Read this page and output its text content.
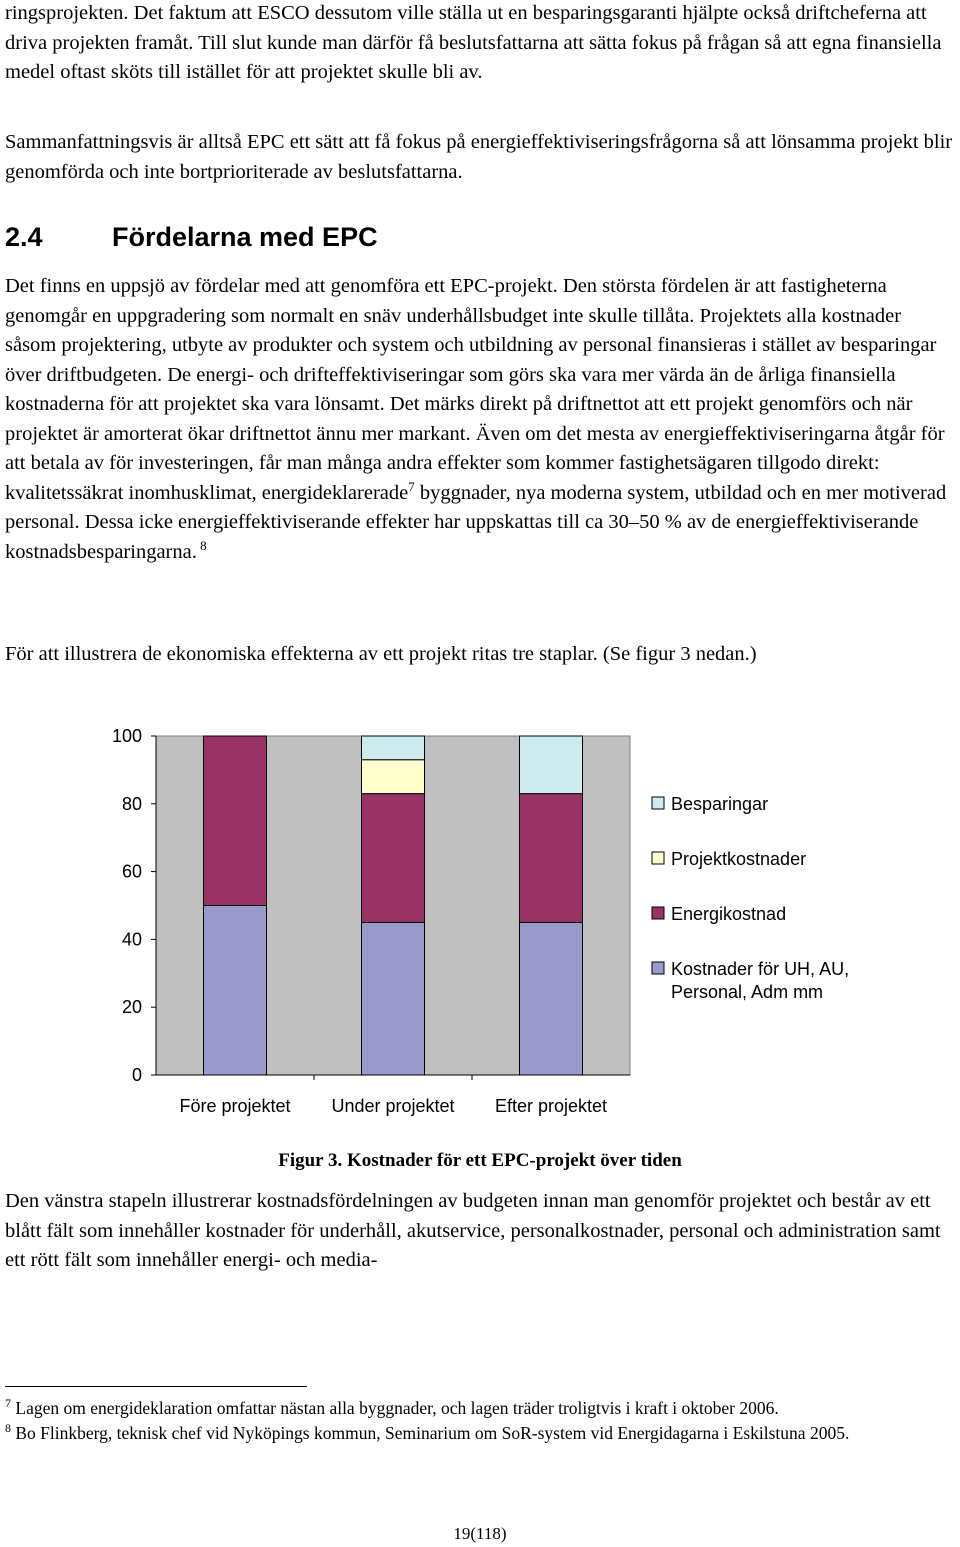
ringsprojekten. Det faktum att ESCO dessutom ville ställa ut en besparingsgaranti hjälpte också driftcheferna att driva projekten framåt. Till slut kunde man därför få beslutsfattarna att sätta fokus på frågan så att egna finansiella medel oftast sköts till istället för att projektet skulle bli av.
Sammanfattningsvis är alltså EPC ett sätt att få fokus på energieffektiviseringsfrågorna så att lönsamma projekt blir genomförda och inte bortprioriterade av beslutsfattarna.
2.4	Fördelarna med EPC
Det finns en uppsjö av fördelar med att genomföra ett EPC-projekt. Den största fördelen är att fastigheterna genomgår en uppgradering som normalt en snäv underhållsbudget inte skulle tillåta. Projektets alla kostnader såsom projektering, utbyte av produkter och system och utbildning av personal finansieras i stället av besparingar över driftbudgeten. De energi- och drifteffektiviseringar som görs ska vara mer värda än de årliga finansiella kostnaderna för att projektet ska vara lönsamt. Det märks direkt på driftnettot att ett projekt genomförs och när projektet är amorterat ökar driftnettot ännu mer markant. Även om det mesta av energieffektiviseringarna åtgår för att betala av för investeringen, får man många andra effekter som kommer fastighetsägaren tillgodo direkt: kvalitetssäkrat inomhusklimat, energideklarerade$^7$ byggnader, nya moderna system, utbildad och en mer motiverad personal. Dessa icke energieffektiviserande effekter har uppskattas till ca 30–50 % av de energieffektiviserande kostnadsbesparingarna. $^8$
För att illustrera de ekonomiska effekterna av ett projekt ritas tre staplar. (Se figur 3 nedan.)
0
20
40
60
80
100
Före projektet Under projektet Efter projektet
Besparingar
Projektkostnader
Energikostnad
Kostnader för UH, AU, Personal, Adm mm
Figur 3. Kostnader för ett EPC-projekt över tiden
Den vänstra stapeln illustrerar kostnadsfördelningen av budgeten innan man genomför projektet och består av ett blått fält som innehåller kostnader för underhåll, akutservice, personalkostnader, personal och administration samt ett rött fält som innehåller energi- och media-
$^7$ Lagen om energideklaration omfattar nästan alla byggnader, och lagen träder troligtvis i kraft i oktober 2006.
$^8$ Bo Flinkberg, teknisk chef vid Nyköpings kommun, Seminarium om SoR-system vid Energidagarna i Eskilstuna 2005.
19(118)
